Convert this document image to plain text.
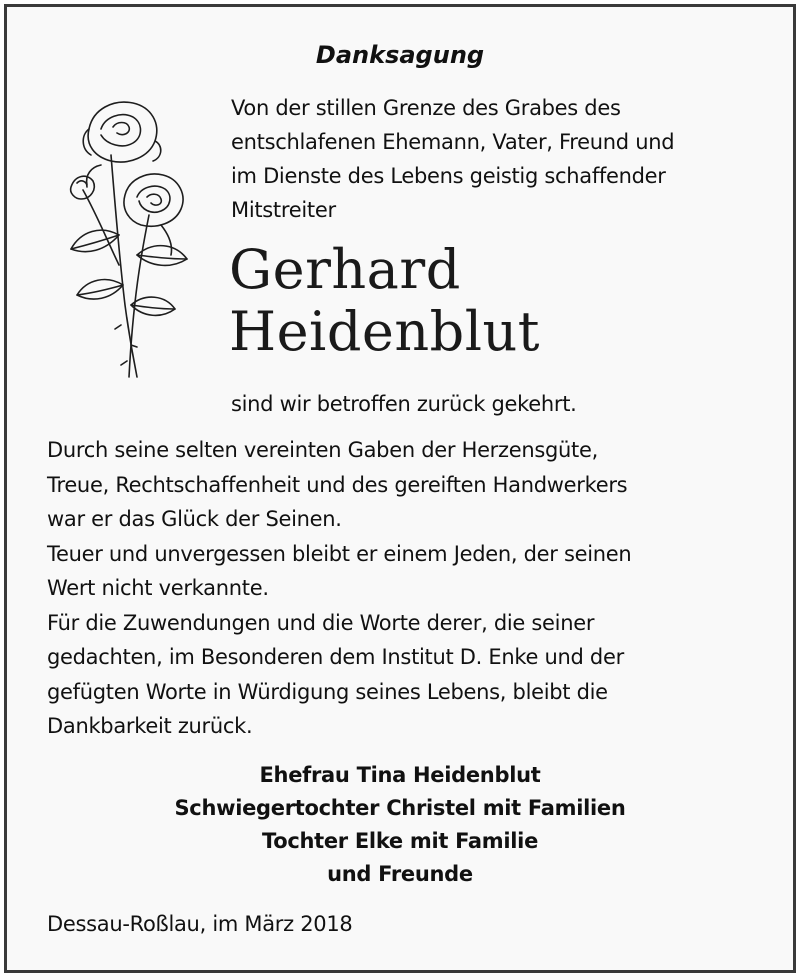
Danksagung
Von der stillen Grenze des Grabes des
entschlafenen Ehemann, Vater, Freund und
im Dienste des Lebens geistig schaffender
Mitstreiter
Gerhard
Heidenblut
sind wir betroffen zurück gekehrt.
Durch seine selten vereinten Gaben der Herzensgüte,
Treue, Rechtschaffenheit und des gereiften Handwerkers
war er das Glück der Seinen.
Teuer und unvergessen bleibt er einem Jeden, der seinen
Wert nicht verkannte.
Für die Zuwendungen und die Worte derer, die seiner
gedachten, im Besonderen dem Institut D. Enke und der
gefügten Worte in Würdigung seines Lebens, bleibt die
Dankbarkeit zurück.
Ehefrau Tina Heidenblut
Schwiegertochter Christel mit Familien
Tochter Elke mit Familie
und Freunde
Dessau-Roßlau, im März 2018
